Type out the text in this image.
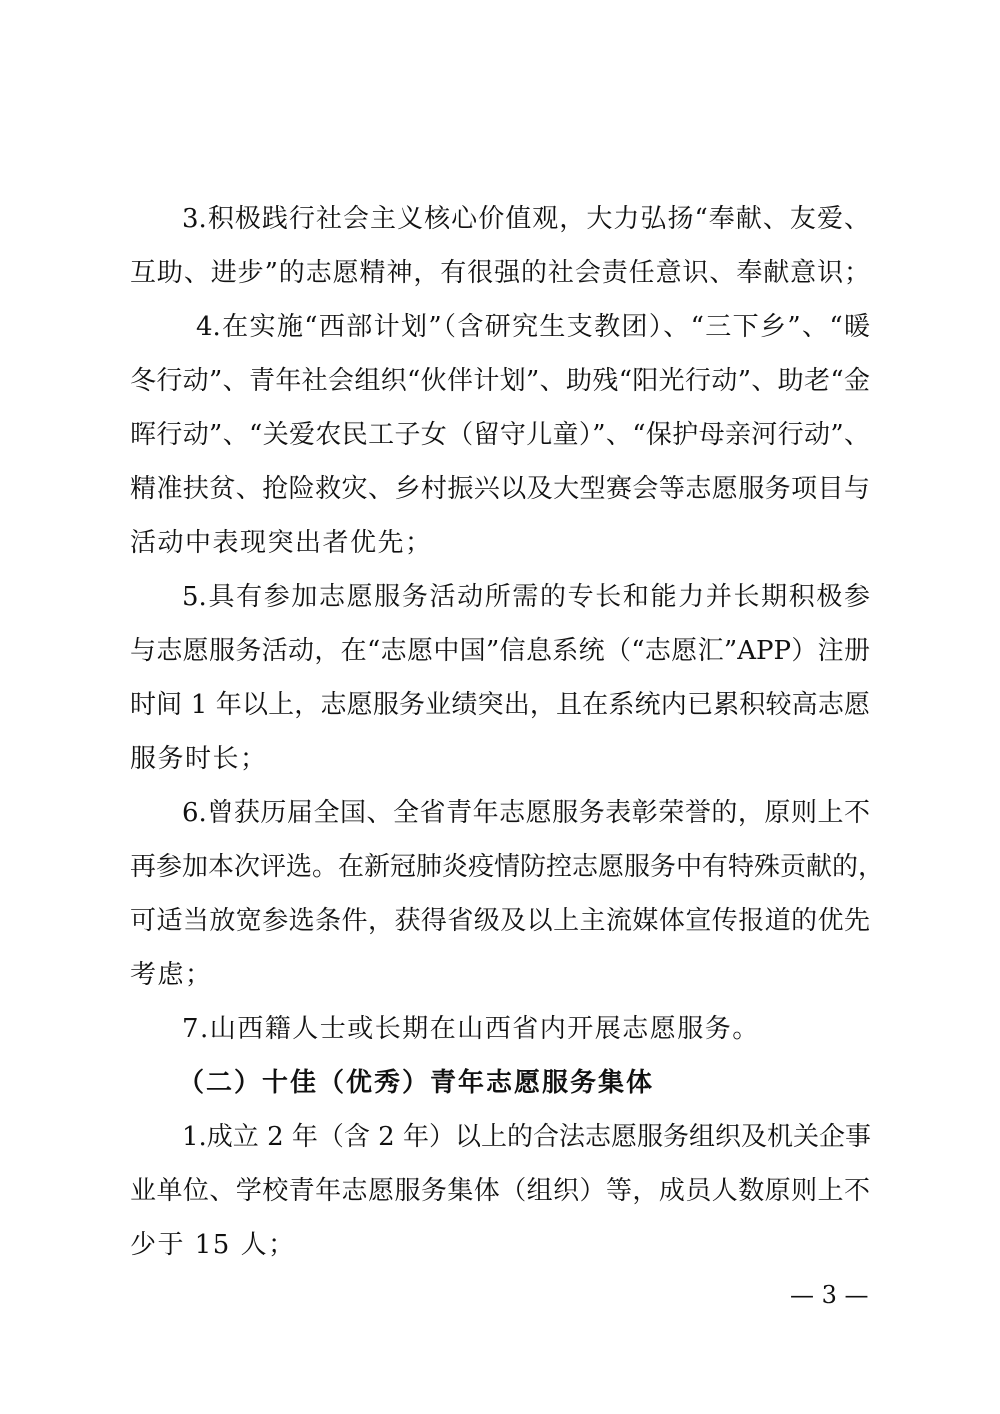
3.积极践行社会主义核心价值观，大力弘扬“奉献、友爱、
互助、进步”的志愿精神，有很强的社会责任意识、奉献意识；
4.在实施“西部计划”（含研究生支教团）、“三下乡”、“暖
冬行动”、青年社会组织“伙伴计划”、助残“阳光行动”、助老“金
晖行动”、“关爱农民工子女（留守儿童）”、“保护母亲河行动”、
精准扶贫、抢险救灾、乡村振兴以及大型赛会等志愿服务项目与
活动中表现突出者优先；
5.具有参加志愿服务活动所需的专长和能力并长期积极参
与志愿服务活动，在“志愿中国”信息系统（“志愿汇”APP）注册
时间 1 年以上，志愿服务业绩突出，且在系统内已累积较高志愿
服务时长；
6.曾获历届全国、全省青年志愿服务表彰荣誉的，原则上不
再参加本次评选。在新冠肺炎疫情防控志愿服务中有特殊贡献的，
可适当放宽参选条件，获得省级及以上主流媒体宣传报道的优先
考虑；
7.山西籍人士或长期在山西省内开展志愿服务。
（二）十佳（优秀）青年志愿服务集体
1.成立 2 年（含 2 年）以上的合法志愿服务组织及机关企事
业单位、学校青年志愿服务集体（组织）等，成员人数原则上不
少于 15 人；
— 3 —
